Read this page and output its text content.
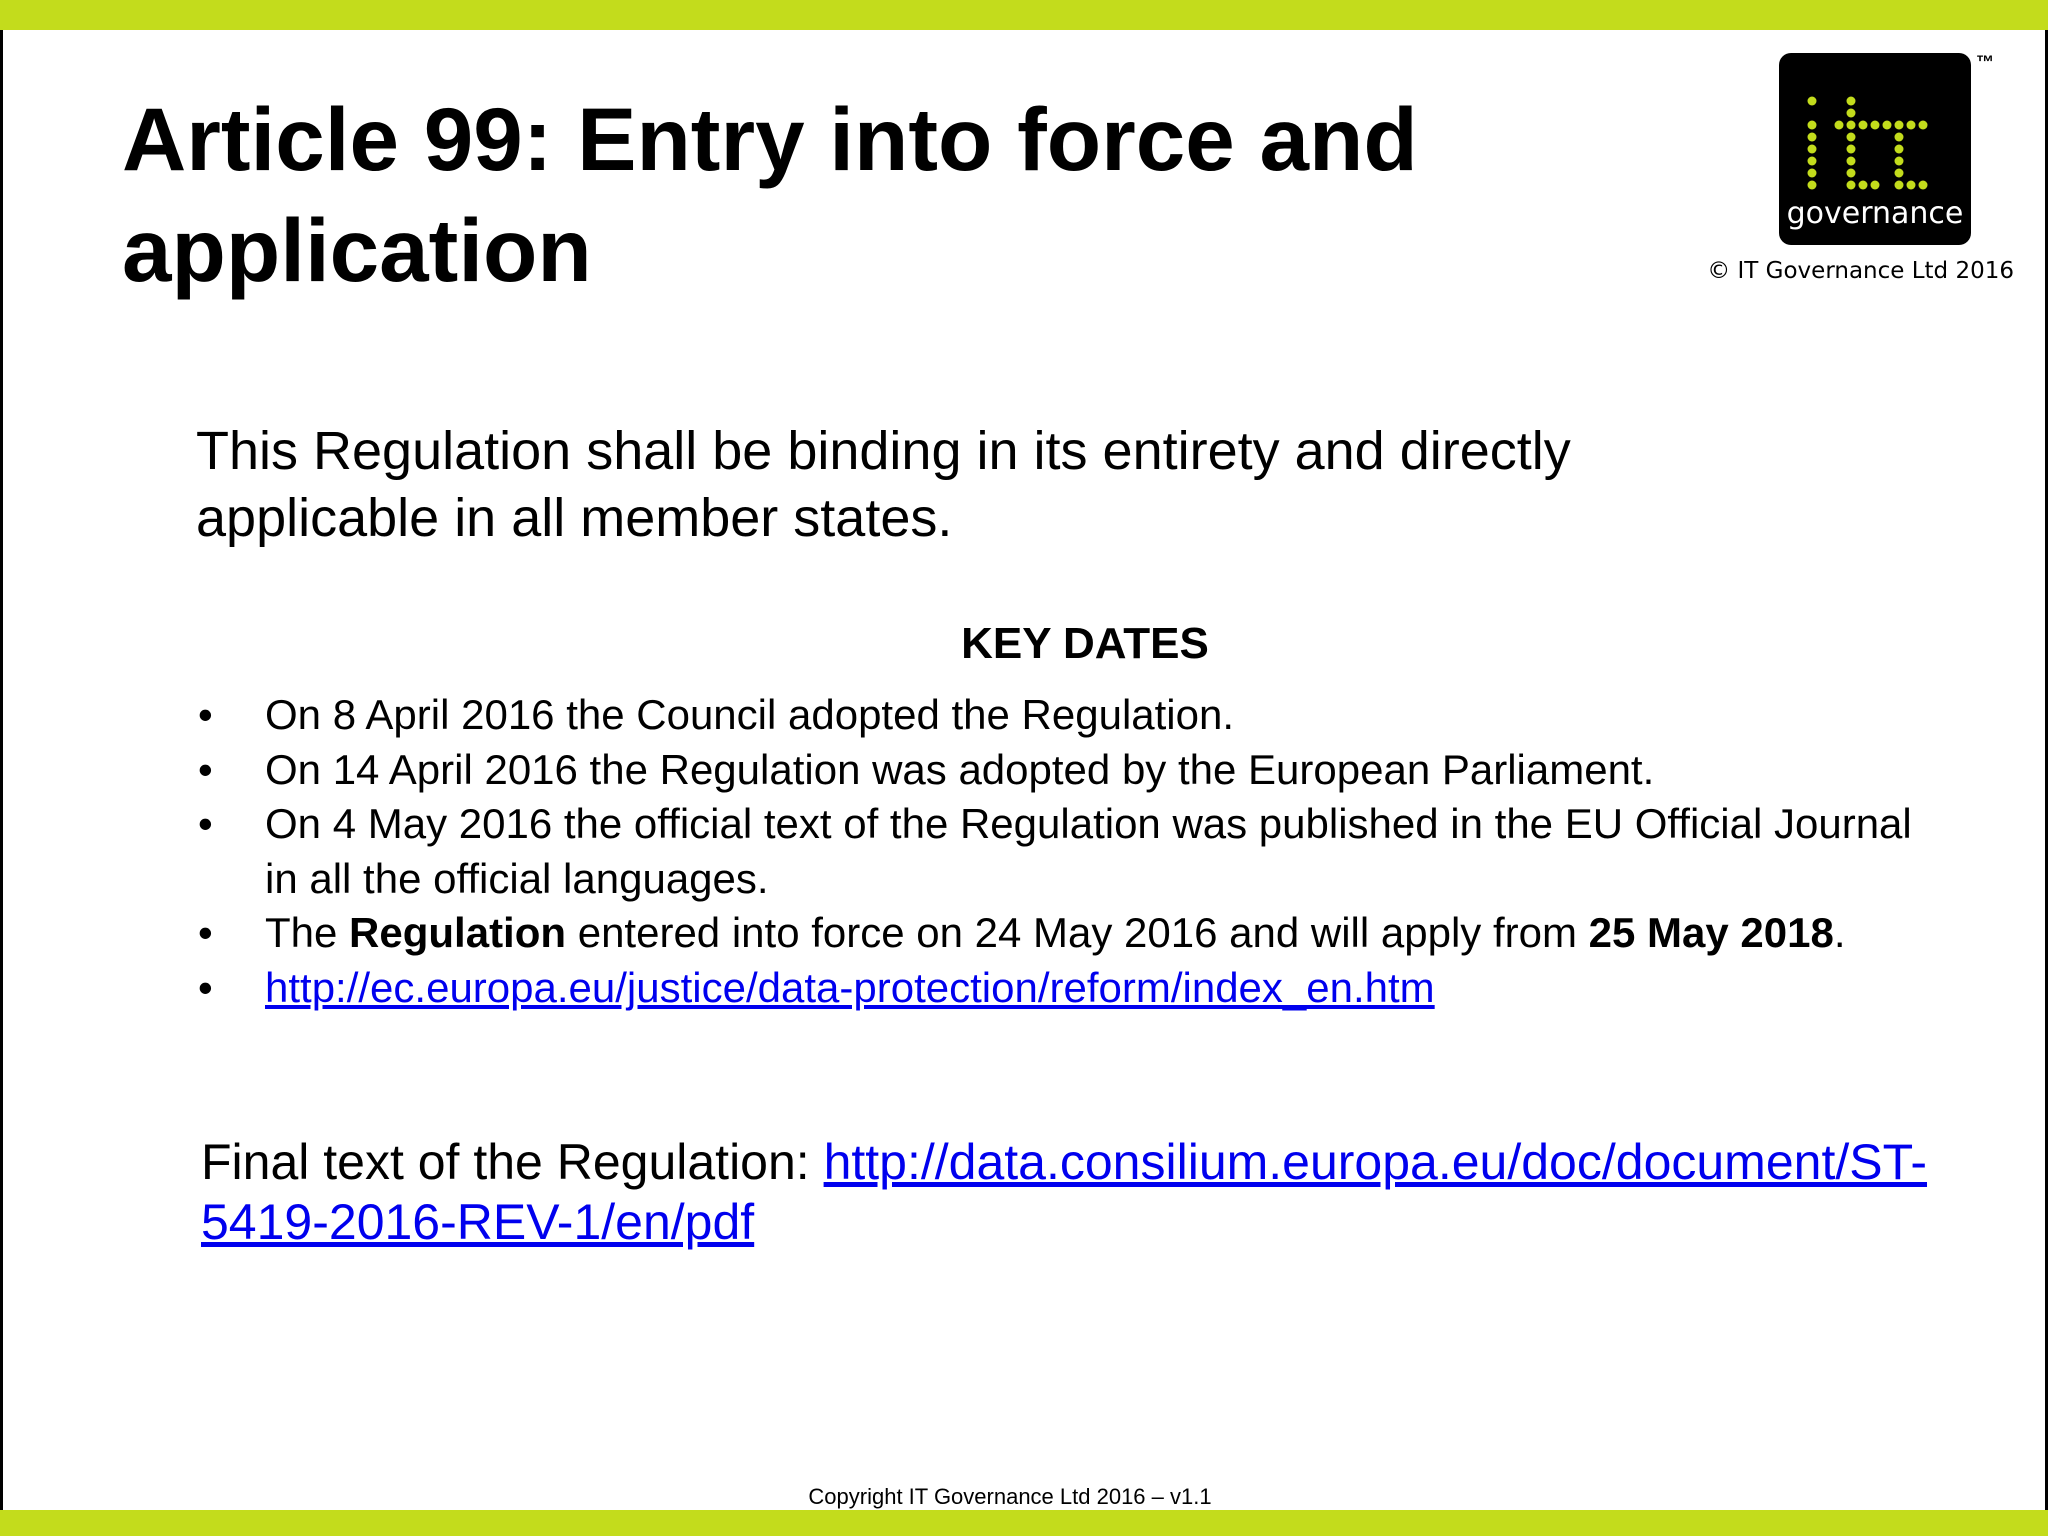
Article 99: Entry into force and application	governance
™
© IT Governance Ltd 2016

This Regulation shall be binding in its entirety and directly applicable in all member states.

KEY DATES
• On 8 April 2016 the Council adopted the Regulation.
• On 14 April 2016 the Regulation was adopted by the European Parliament.
• On 4 May 2016 the official text of the Regulation was published in the EU Official Journal in all the official languages.
• The Regulation entered into force on 24 May 2016 and will apply from 25 May 2018.
• http://ec.europa.eu/justice/data-protection/reform/index_en.htm

Final text of the Regulation: http://data.consilium.europa.eu/doc/document/ST-5419-2016-REV-1/en/pdf

Copyright IT Governance Ltd 2016 – v1.1
